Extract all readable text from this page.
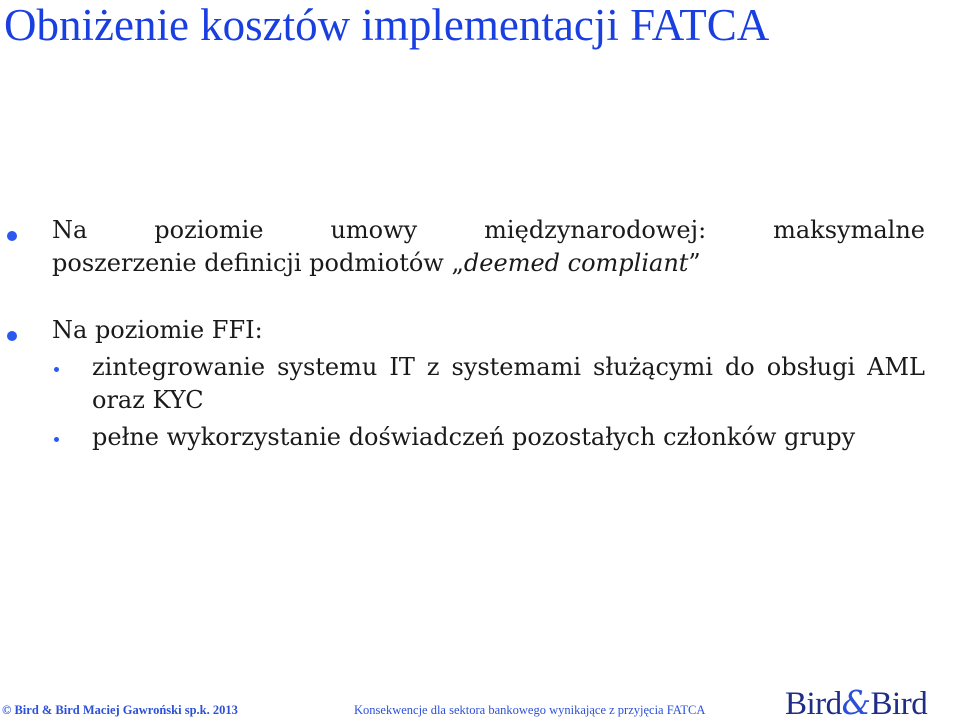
Obniżenie kosztów implementacji FATCA
Na poziomie umowy międzynarodowej: maksymalne
poszerzenie definicji podmiotów „deemed compliant”
Na poziomie FFI:
zintegrowanie systemu IT z systemami służącymi do obsługi AML oraz KYC
pełne wykorzystanie doświadczeń pozostałych członków grupy
© Bird & Bird Maciej Gawroński sp.k. 2013	Konsekwencje dla sektora bankowego wynikające z przyjęcia FATCA Bird&Bird
